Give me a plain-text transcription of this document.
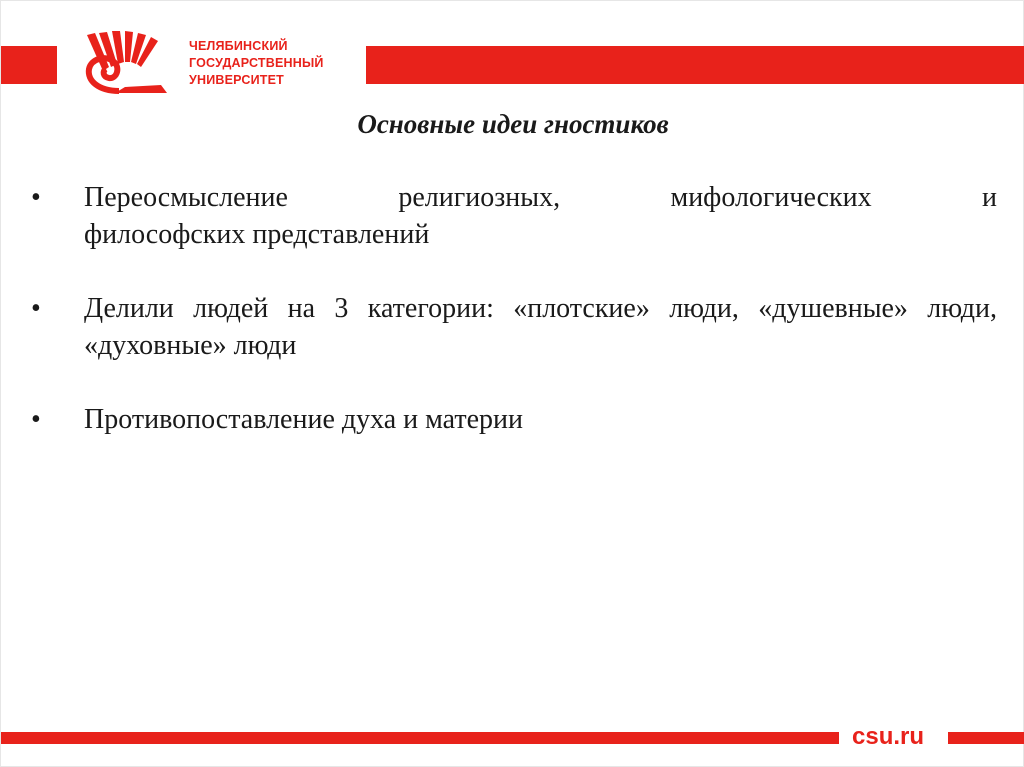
ЧЕЛЯБИНСКИЙ
ГОСУДАРСТВЕННЫЙ
УНИВЕРСИТЕТ
Основные идеи гностиков
• Переосмысление	религиозных,	мифологических	и
философских представлений
• Делили людей на 3 категории: «плотские» люди, «душевные» люди, «духовные» люди
• Противопоставление духа и материи
csu.ru
